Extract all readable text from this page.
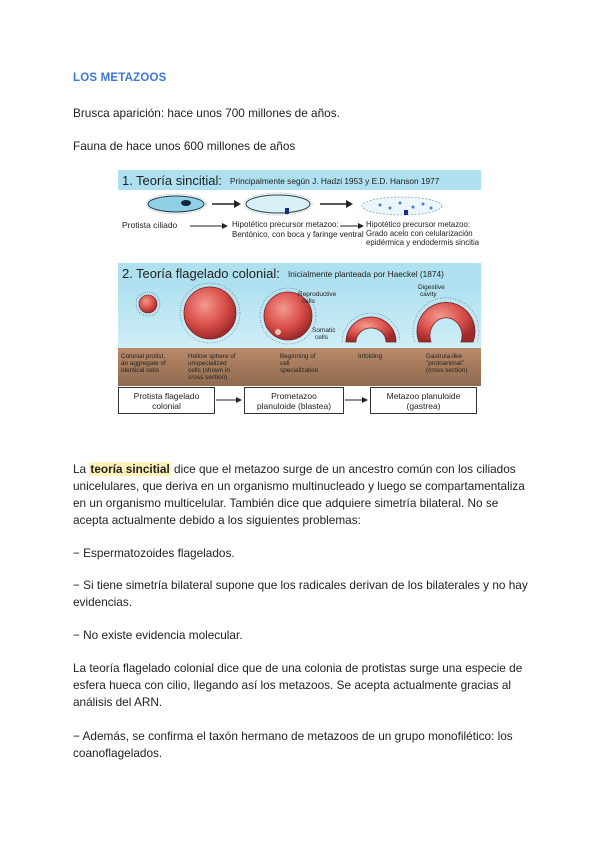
LOS METAZOOS

Brusca aparición: hace unos 700 millones de años.

Fauna de hace unos 600 millones de años

1. Teoría sincitial: Principalmente según J. Hadzi 1953 y E.D. Hanson 1977
Protista ciliado	Hipotético precursor metazoo:
Bentónico, con boca y faringe ventral
Hipotético precursor metazoo:
Grado acelo con celularización
epidérmica y endodermis sincitia
2. Teoría flagelado colonial: Inicialmente planteada por Haeckel (1874)
Reproductive
cells
Somatic
cells
Digestive
cavity
Colonial protist,
an aggregate of
identical cells
Hollow sphere of
unspecialized
cells (shown in
cross section)
Beginning of
cell
specialization
Infolding	Gastrula-like
"protoanimal"
(cross section)
Protista flagelado
colonial
Prometazoo
planuloide (blastea)
Metazoo planuloide
(gastrea)

La teoría sincitial dice que el metazoo surge de un ancestro común con los ciliados unicelulares, que deriva en un organismo multinucleado y luego se compartamentaliza en un organismo multicelular. También dice que adquiere simetría bilateral. No se acepta actualmente debido a los siguientes problemas:

− Espermatozoides flagelados.

− Si tiene simetría bilateral supone que los radicales derivan de los bilaterales y no hay evidencias.

− No existe evidencia molecular.

La teoría flagelado colonial dice que de una colonia de protistas surge una especie de esfera hueca con cilio, llegando así los metazoos. Se acepta actualmente gracias al análisis del ARN.

− Además, se confirma el taxón hermano de metazoos de un grupo monofilético: los coanoflagelados.
